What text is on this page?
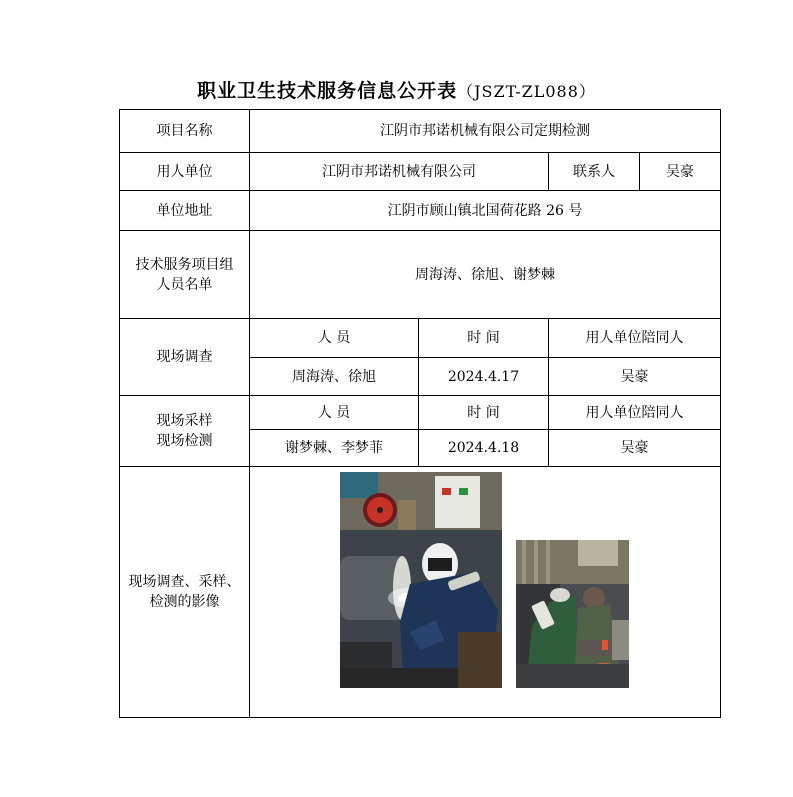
职业卫生技术服务信息公开表（JSZT-ZL088）
项目名称	江阴市邦诺机械有限公司定期检测			
用人单位	江阴市邦诺机械有限公司		联系人	吴豪
单位地址	江阴市顾山镇北国荷花路 26 号			

技术服务项目组
人员名单	周海涛、徐旭、谢梦棘			
现场调查	人 员	时 间	用人单位陪同人	
	周海涛、徐旭	2024.4.17	吴豪	

现场采样
现场检测	人 员	时 间	用人单位陪同人	
	谢梦棘、李梦菲	2024.4.18	吴豪	

现场调查、采样、
检测的影像
